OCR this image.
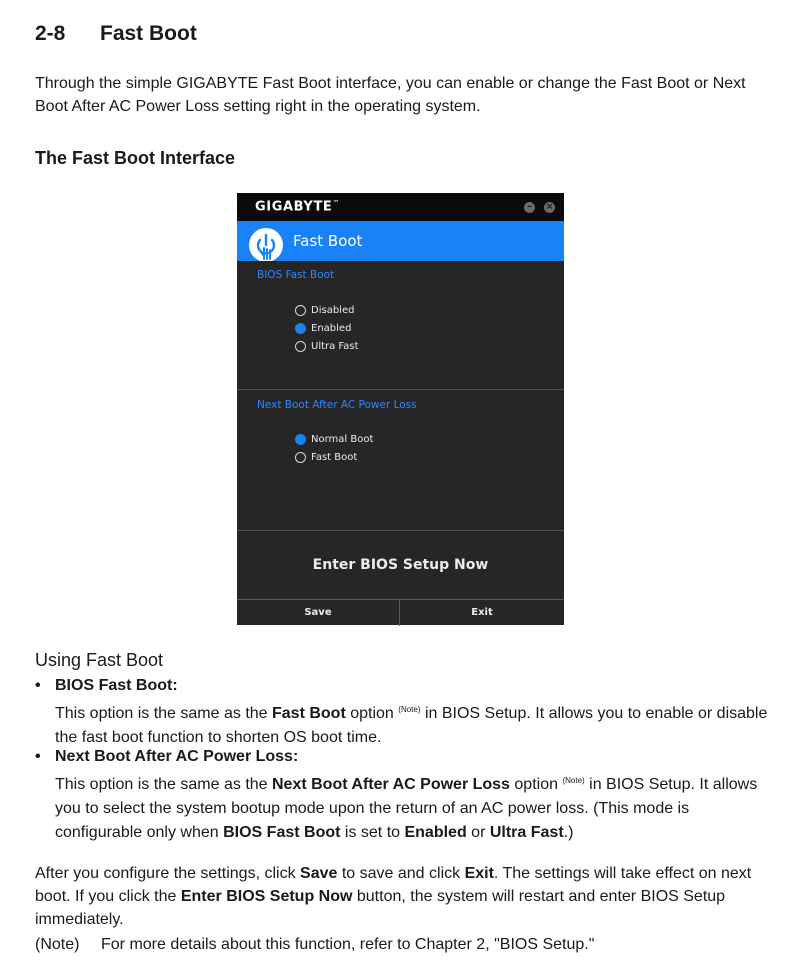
2-8 Fast Boot
Through the simple GIGABYTE Fast Boot interface, you can enable or change the Fast Boot or Next Boot After AC Power Loss setting right in the operating system.
The Fast Boot Interface
GIGABYTE™	–	×
Fast Boot
BIOS Fast Boot
Disabled
Enabled
Ultra Fast
Next Boot After AC Power Loss
Normal Boot
Fast Boot
Enter BIOS Setup Now
Save	Exit
Using Fast Boot
• BIOS Fast Boot:
This option is the same as the Fast Boot option $^{(Note)}$ in BIOS Setup. It allows you to enable or disable the fast boot function to shorten OS boot time.
• Next Boot After AC Power Loss:
This option is the same as the Next Boot After AC Power Loss option $^{(Note)}$ in BIOS Setup. It allows you to select the system bootup mode upon the return of an AC power loss. (This mode is configurable only when BIOS Fast Boot is set to Enabled or Ultra Fast.)
After you configure the settings, click Save to save and click Exit. The settings will take effect on next boot. If you click the Enter BIOS Setup Now button, the system will restart and enter BIOS Setup immediately.
(Note) For more details about this function, refer to Chapter 2, "BIOS Setup."
